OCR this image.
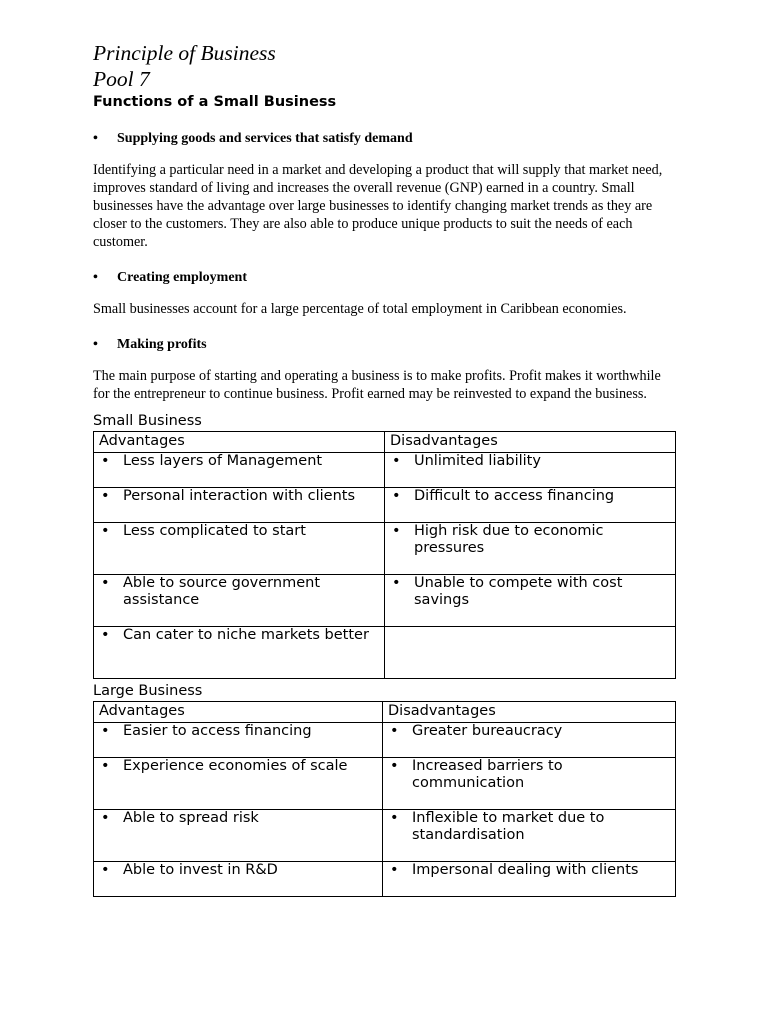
Principle of Business
Pool 7
Functions of a Small Business
• Supplying goods and services that satisfy demand

Identifying a particular need in a market and developing a product that will supply that market need, improves standard of living and increases the overall revenue (GNP) earned in a country. Small businesses have the advantage over large businesses to identify changing market trends as they are closer to the customers. They are also able to produce unique products to suit the needs of each customer.

• Creating employment

Small businesses account for a large percentage of total employment in Caribbean economies.

• Making profits

The main purpose of starting and operating a business is to make profits. Profit makes it worthwhile for the entrepreneur to continue business. Profit earned may be reinvested to expand the business.

Small Business
Advantages	Disadvantages

• Less layers of Management	• Unlimited liability

• Personal interaction with clients	• Difficult to access financing

• Less complicated to start	• High risk due to economic pressures

• Able to source government assistance	• Unable to compete with cost savings

• Can cater to niche markets better	

Large Business
Advantages	Disadvantages

• Easier to access financing	• Greater bureaucracy

• Experience economies of scale	• Increased barriers to communication

• Able to spread risk	• Inflexible to market due to standardisation

• Able to invest in R&D	• Impersonal dealing with clients
